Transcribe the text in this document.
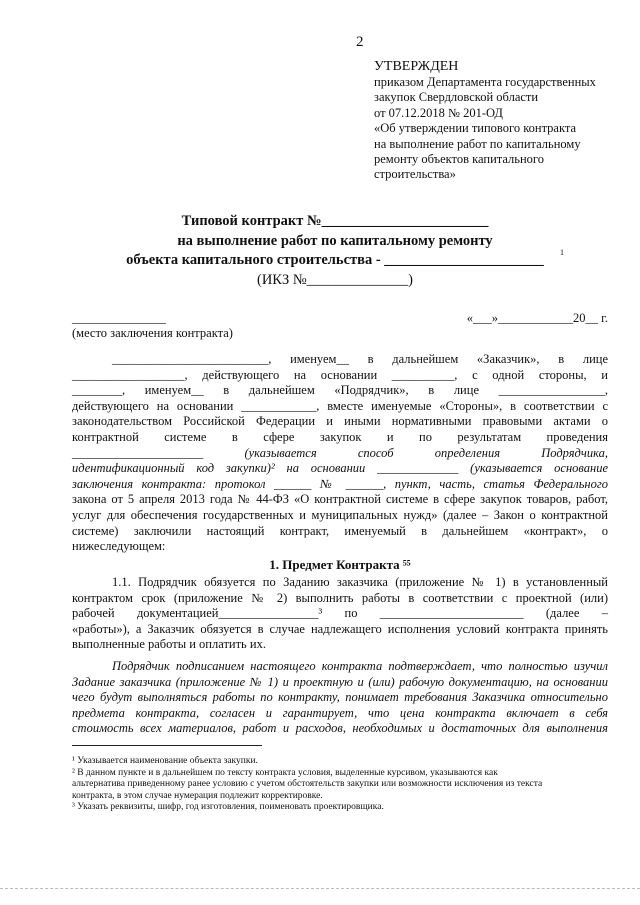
2
УТВЕРЖДЕН
приказом Департамента государственных
закупок Свердловской области
от 07.12.2018 № 201-ОД
«Об утверждении типового контракта
на выполнение работ по капитальному
ремонту объектов капитального
строительства»
Типовой контракт №_______________________
на выполнение работ по капитальному ремонту
объекта капитального строительства - ______________________
(ИКЗ №______________)
1
_______________	«___»____________20__ г.
(место заключения контракта)

_________________________, именуем__ в дальнейшем «Заказчик», в лице

__________________, действующего на основании __________, с одной стороны, и

________, именуем__ в дальнейшем «Подрядчик», в лице _________________,

действующего на основании ____________, вместе именуемые «Стороны», в соответствии с

законодательством Российской Федерации и иными нормативными правовыми актами о

контрактной системе в сфере закупок и по результатам проведения

_____________________ (указывается способ определения Подрядчика,

идентификационный код закупки)² на основании _____________ (указывается основание

заключения контракта: протокол ______ № ______, пункт, часть, статья Федерального

закона от 5 апреля 2013 года № 44-ФЗ «О контрактной системе в сфере закупок товаров, работ,

услуг для обеспечения государственных и муниципальных нужд» (далее – Закон о контрактной

системе) заключили настоящий контракт, именуемый в дальнейшем «контракт», о

нижеследующем:

1. Предмет Контракта ⁵⁵

1.1. Подрядчик обязуется по Заданию заказчика (приложение № 1) в установленный

контрактом срок (приложение № 2) выполнить работы в соответствии с проектной (или)

рабочей документацией________________³ по _______________________ (далее –

«работы»), а Заказчик обязуется в случае надлежащего исполнения условий контракта принять

выполненные работы и оплатить их.

Подрядчик подписанием настоящего контракта подтверждает, что полностью изучил

Задание заказчика (приложение № 1) и проектную и (или) рабочую документацию, на основании

чего будут выполняться работы по контракту, понимает требования Заказчика относительно

предмета контракта, согласен и гарантирует, что цена контракта включает в себя

стоимость всех материалов, работ и расходов, необходимых и достаточных для выполнения

¹ Указывается наименование объекта закупки.

² В данном пункте и в дальнейшем по тексту контракта условия, выделенные курсивом, указываются как

альтернатива приведенному ранее условию с учетом обстоятельств закупки или возможности исключения из текста

контракта, в этом случае нумерация подлежит корректировке.

³ Указать реквизиты, шифр, год изготовления, поименовать проектировщика.
